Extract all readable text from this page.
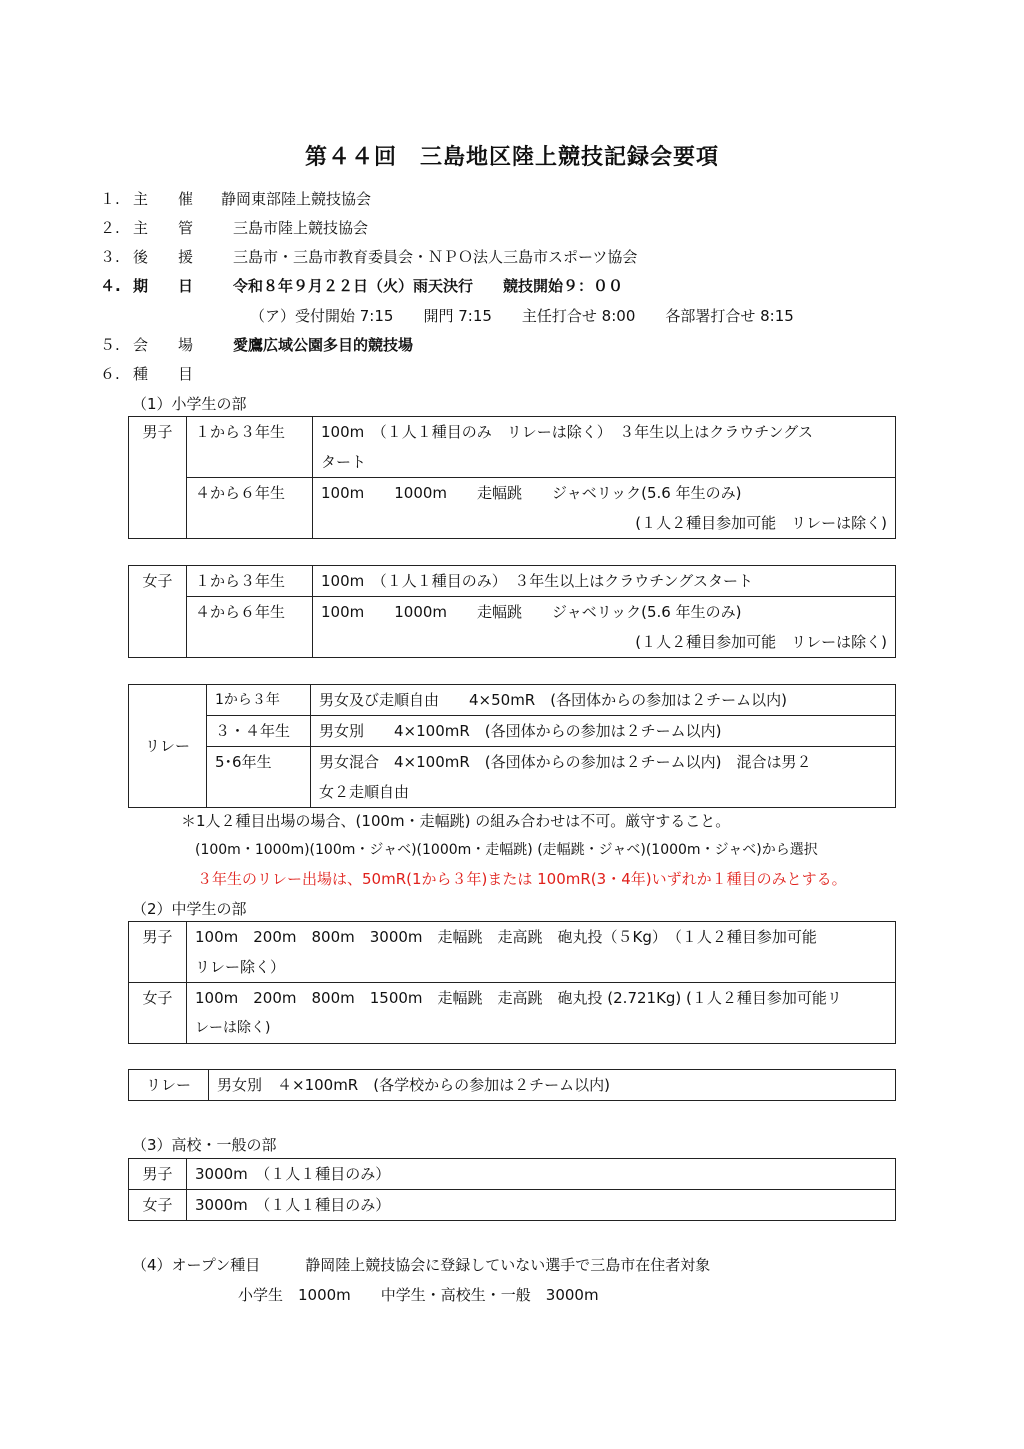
第４４回　三島地区陸上競技記録会要項
１. 主　　催 静岡東部陸上競技協会
２. 主　　管	三島市陸上競技協会
３. 後　　援	三島市・三島市教育委員会・ＮＰＯ法人三島市スポーツ協会
４. 期　　日	令和８年９月２２日（火）雨天決行　　競技開始９：００
（ア）受付開始 7:15　　開門 7:15　　主任打合せ 8:00　　各部署打合せ 8:15
５. 会　　場	愛鷹広域公園多目的競技場
６. 種　　目
（1）小学生の部
男子	１から３年生	100m　（１人１種目のみ　リレーは除く）　３年生以上はクラウチングス
タート

	４から６年生	100m　　1000m　　走幅跳　　ジャベリック(5.6 年生のみ)
(１人２種目参加可能　リレーは除く)
女子	１から３年生	100m　（１人１種目のみ）　３年生以上はクラウチングスタート
	４から６年生	100m　　1000m　　走幅跳　　ジャベリック(5.6 年生のみ)
(１人２種目参加可能　リレーは除く)
リレー	1から３年	男女及び走順自由　　4×50mR　(各団体からの参加は２チーム以内)
	３・４年生	男女別　　4×100mR　(各団体からの参加は２チーム以内)
	5･6年生	男女混合　4×100mR　(各団体からの参加は２チーム以内)　混合は男２
女２走順自由
＊1人２種目出場の場合、(100m・走幅跳) の組み合わせは不可。厳守すること。
(100m・1000m)(100m・ジャベ)(1000m・走幅跳) (走幅跳・ジャベ)(1000m・ジャベ)から選択
３年生のリレー出場は、50mR(1から３年)または 100mR(3・4年)いずれか１種目のみとする。
（2）中学生の部
男子	100m　200m　800m　3000m　走幅跳　走高跳　砲丸投（５Kg）　（１人２種目参加可能
リレー除く）

女子	100m　200m　800m　1500m　走幅跳　走高跳　砲丸投 (2.721Kg) (１人２種目参加可能リ
レーは除く)
リレー	男女別　４×100mR　(各学校からの参加は２チーム以内)
（3）高校・一般の部
男子	3000m　（１人１種目のみ）
女子	3000m　（１人１種目のみ）
（4）オープン種目　　　静岡陸上競技協会に登録していない選手で三島市在住者対象
小学生　1000m　　中学生・高校生・一般　3000m
